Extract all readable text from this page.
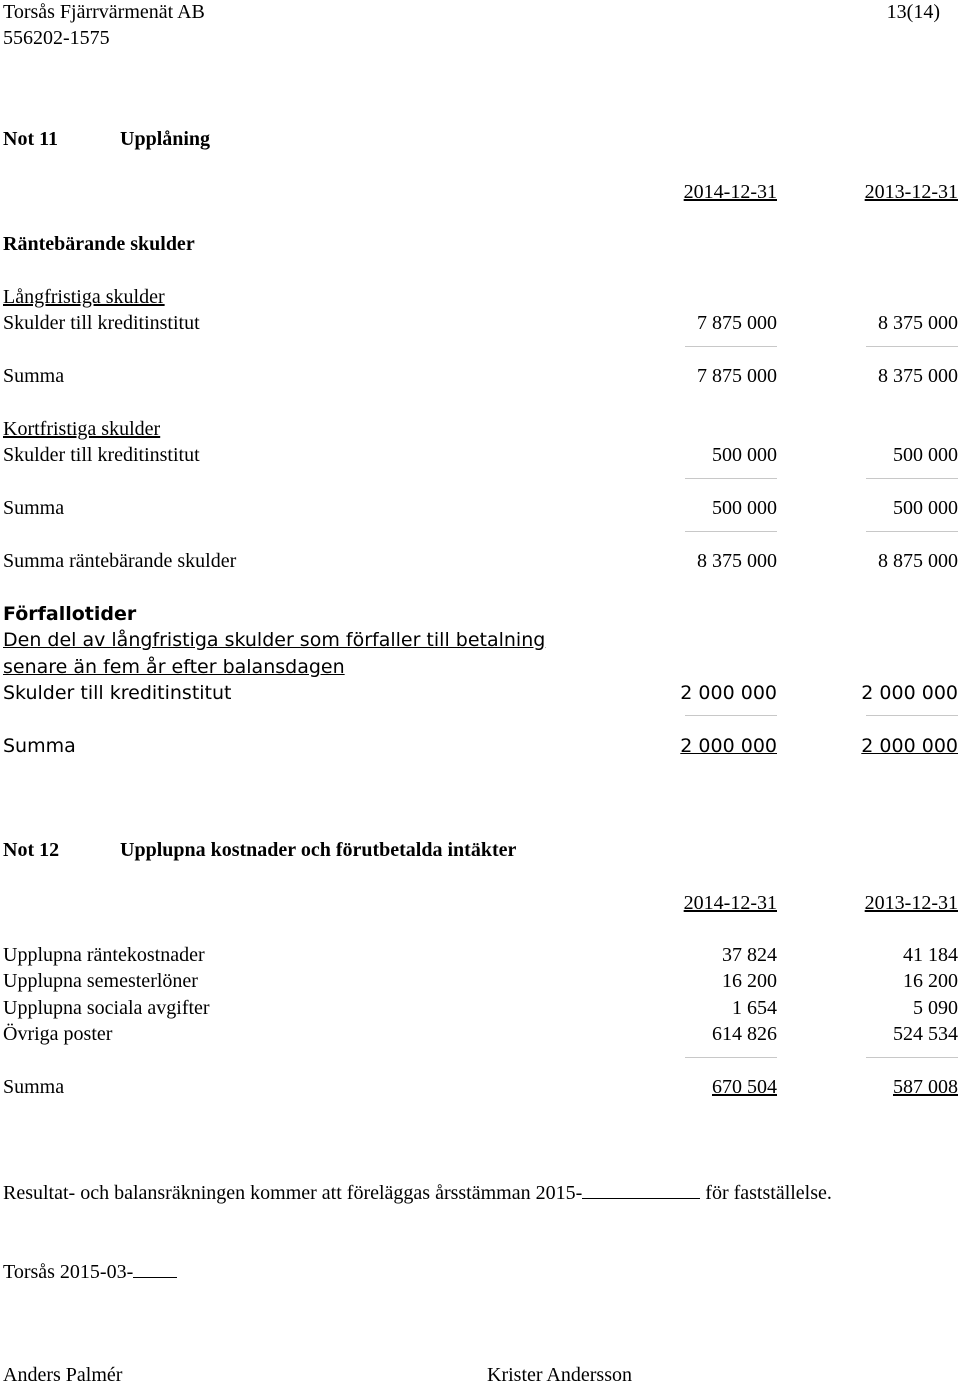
Torsås Fjärrvärmenät AB
556202-1575
13(14)
Not 11	Upplåning
2014-12-31	2013-12-31
Räntebärande skulder
Långfristiga skulder
Skulder till kreditinstitut	7 875 000	8 375 000
Summa	7 875 000	8 375 000
Kortfristiga skulder
Skulder till kreditinstitut	500 000	500 000
Summa	500 000	500 000
Summa räntebärande skulder	8 375 000	8 875 000
Förfallotider
Den del av långfristiga skulder som förfaller till betalning
senare än fem år efter balansdagen
Skulder till kreditinstitut	2 000 000	2 000 000
Summa	2 000 000	2 000 000
Not 12	Upplupna kostnader och förutbetalda intäkter
2014-12-31	2013-12-31
Upplupna räntekostnader	37 824	41 184
Upplupna semesterlöner	16 200	16 200
Upplupna sociala avgifter	1 654	5 090
Övriga poster	614 826	524 534
Summa	670 504	587 008
Resultat- och balansräkningen kommer att föreläggas årsstämman 2015-	för fastställelse.
Torsås 2015-03-
Anders Palmér	Krister Andersson
